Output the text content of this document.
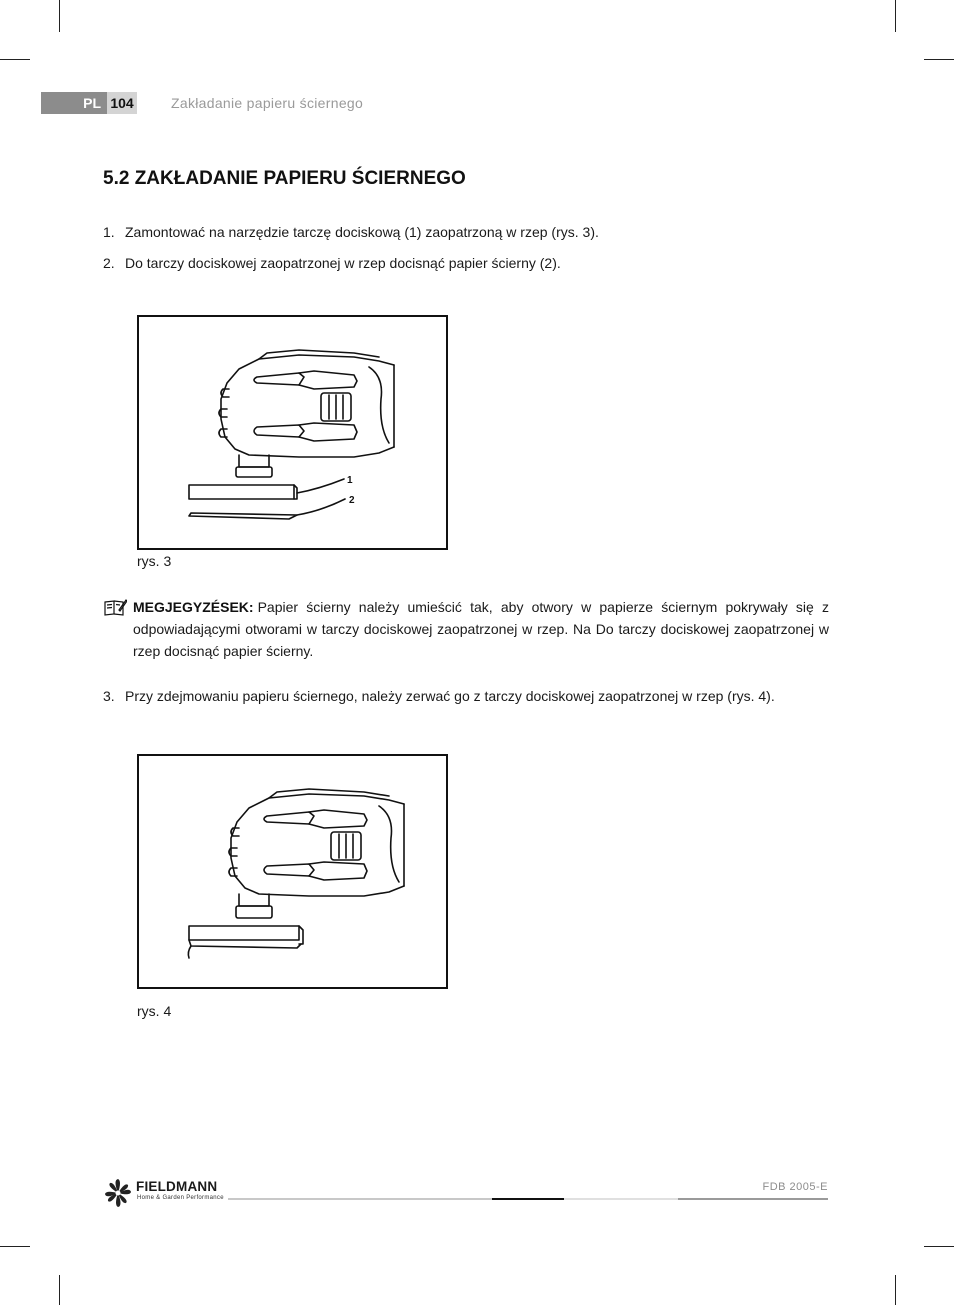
PL 104	Zakładanie papieru ściernego
5.2 ZAKŁADANIE PAPIERU ŚCIERNEGO
1. Zamontować na narzędzie tarczę dociskową (1) zaopatrzoną w rzep (rys. 3).
2. Do tarczy dociskowej zaopatrzonej w rzep docisnąć papier ścierny (2).
1
2
rys. 3
MEGJEGYZÉSEK: Papier ścierny należy umieścić tak, aby otwory w papierze ściernym pokrywały się z odpowiadającymi otworami w tarczy dociskowej zaopatrzonej w rzep. Na Do tarczy dociskowej zaopatrzonej w rzep docisnąć papier ścierny.
3. Przy zdejmowaniu papieru ściernego, należy zerwać go z tarczy dociskowej zaopatrzonej w rzep (rys. 4).
rys. 4
FIELDMANN
Home & Garden Performance
FDB 2005-E
